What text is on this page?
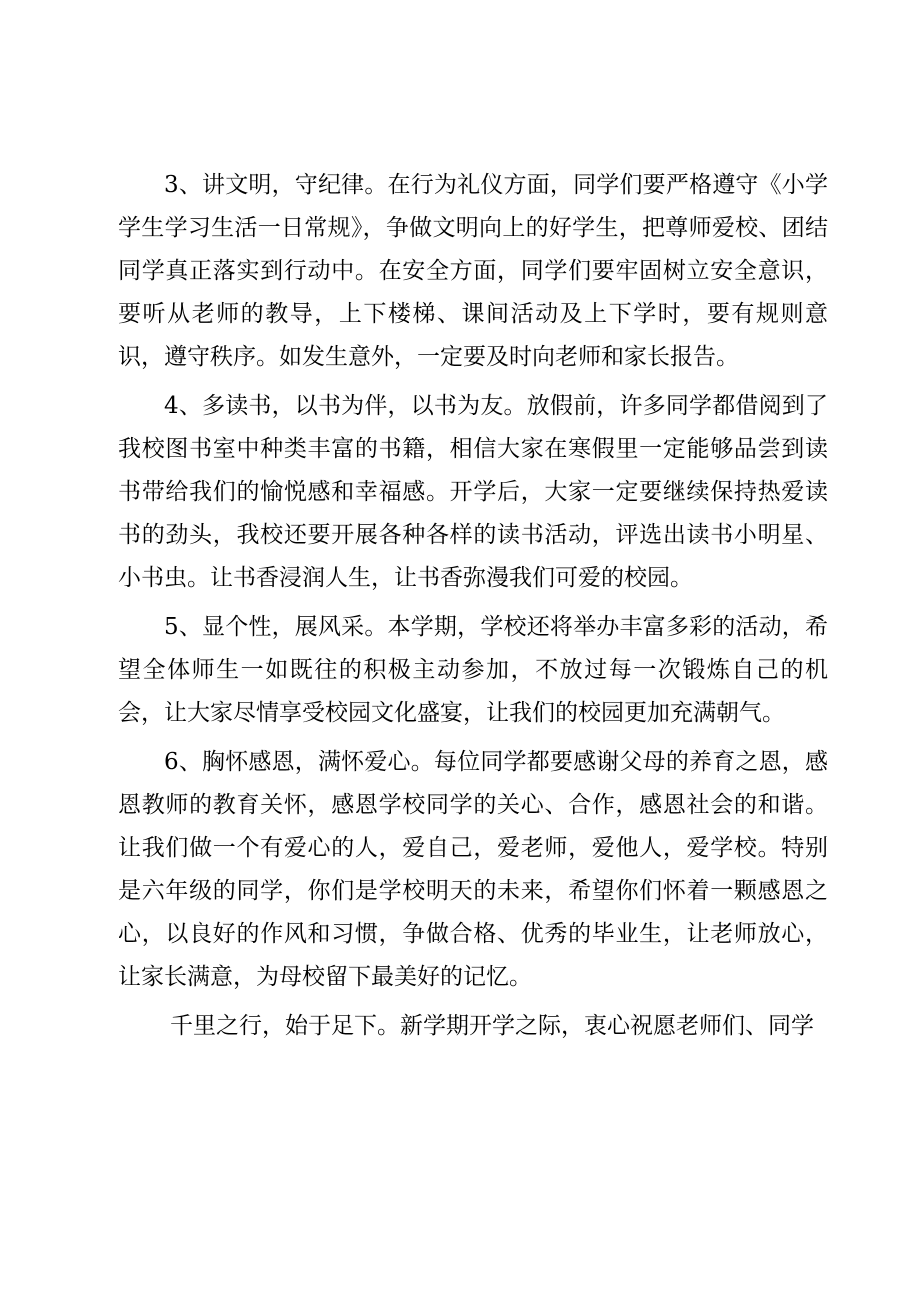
3、讲文明，守纪律。在行为礼仪方面，同学们要严格遵守《小学学生学习生活一日常规》，争做文明向上的好学生，把尊师爱校、团结同学真正落实到行动中。在安全方面，同学们要牢固树立安全意识，要听从老师的教导，上下楼梯、课间活动及上下学时，要有规则意识，遵守秩序。如发生意外，一定要及时向老师和家长报告。

4、多读书，以书为伴，以书为友。放假前，许多同学都借阅到了我校图书室中种类丰富的书籍，相信大家在寒假里一定能够品尝到读书带给我们的愉悦感和幸福感。开学后，大家一定要继续保持热爱读书的劲头，我校还要开展各种各样的读书活动，评选出读书小明星、小书虫。让书香浸润人生，让书香弥漫我们可爱的校园。

5、显个性，展风采。本学期，学校还将举办丰富多彩的活动，希望全体师生一如既往的积极主动参加，不放过每一次锻炼自己的机会，让大家尽情享受校园文化盛宴，让我们的校园更加充满朝气。

6、胸怀感恩，满怀爱心。每位同学都要感谢父母的养育之恩，感恩教师的教育关怀，感恩学校同学的关心、合作，感恩社会的和谐。让我们做一个有爱心的人，爱自己，爱老师，爱他人，爱学校。特别是六年级的同学，你们是学校明天的未来，希望你们怀着一颗感恩之心，以良好的作风和习惯，争做合格、优秀的毕业生，让老师放心，让家长满意，为母校留下最美好的记忆。

千里之行，始于足下。新学期开学之际，衷心祝愿老师们、同学
